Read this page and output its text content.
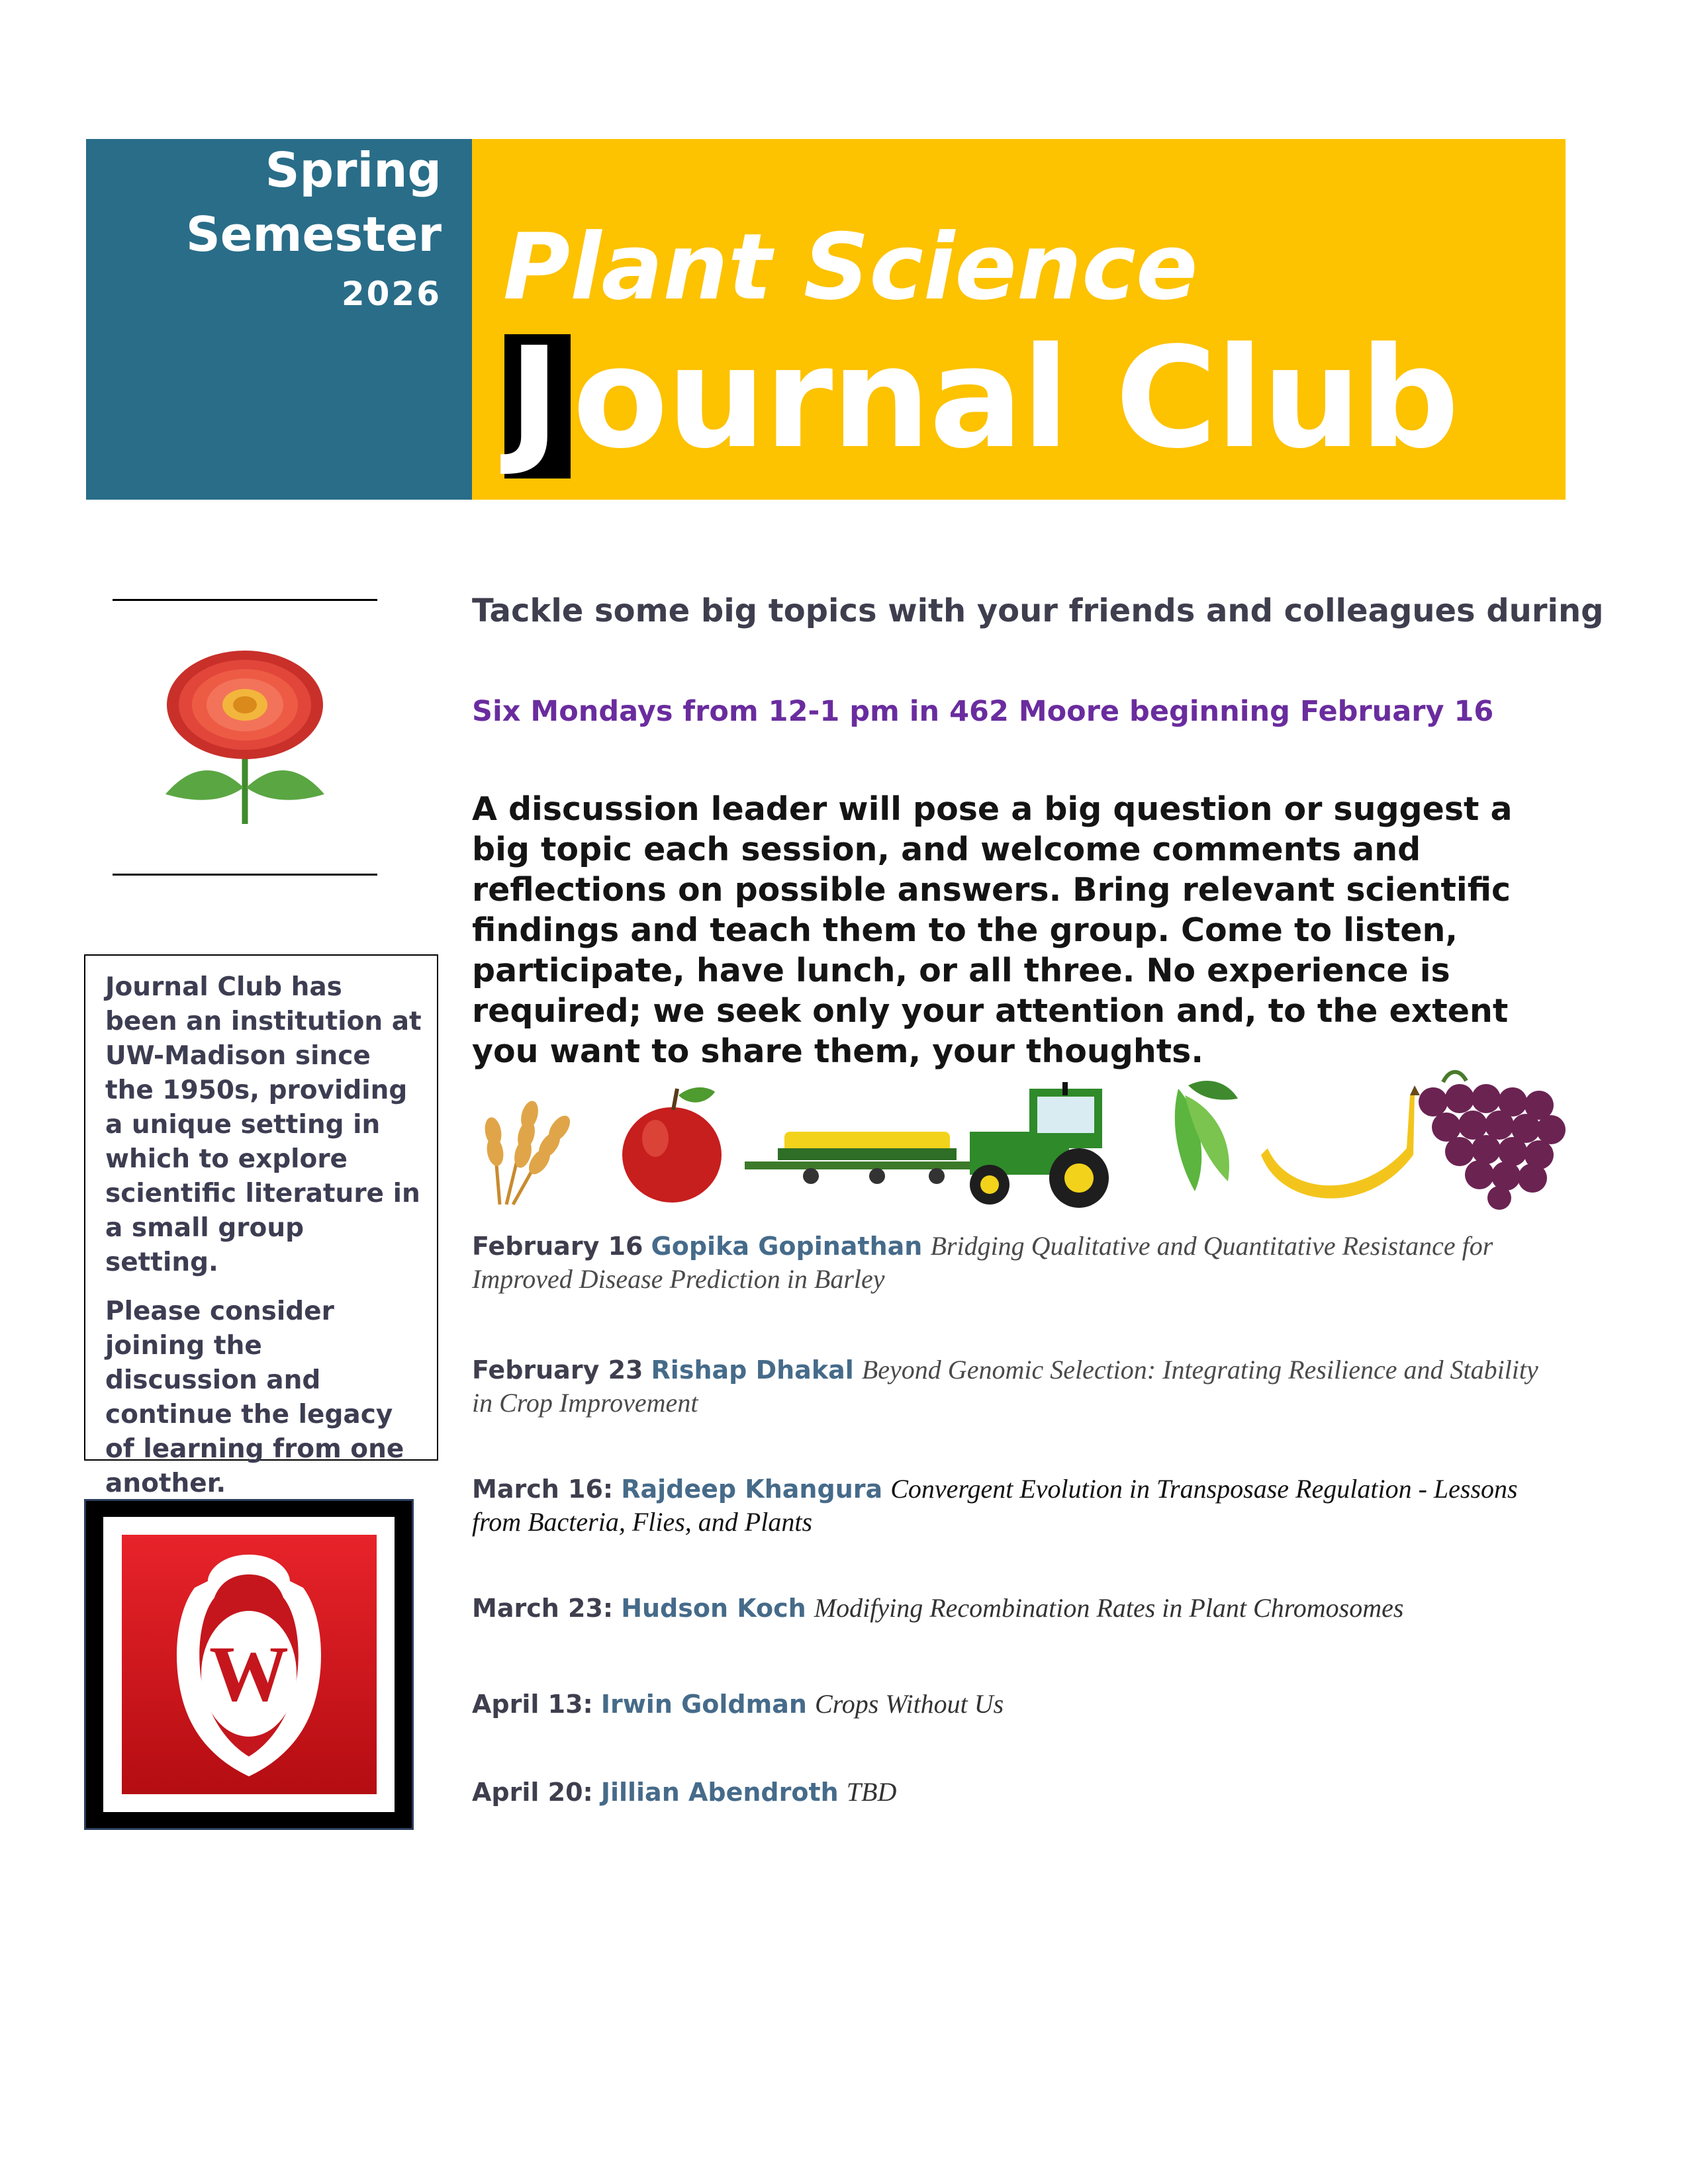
Spring
Semester
2026 Plant Science
J ournal Club

Journal Club has been an institution at UW-Madison since the 1950s, providing a unique setting in which to explore scientific literature in a small group setting.

Please consider joining the discussion and continue the legacy of learning from one another.

W
Tackle some big topics with your friends and colleagues during
Six Mondays from 12-1 pm in 462 Moore beginning February 16
A discussion leader will pose a big question or suggest a big topic each session, and welcome comments and reflections on possible answers. Bring relevant scientific findings and teach them to the group. Come to listen, participate, have lunch, or all three. No experience is required; we seek only your attention and, to the extent you want to share them, your thoughts.
February 16 Gopika Gopinathan Bridging Qualitative and Quantitative Resistance for Improved Disease Prediction in Barley
February 23 Rishap Dhakal Beyond Genomic Selection: Integrating Resilience and Stability in Crop Improvement
March 16: Rajdeep Khangura Convergent Evolution in Transposase Regulation - Lessons from Bacteria, Flies, and Plants
March 23: Hudson Koch Modifying Recombination Rates in Plant Chromosomes
April 13: Irwin Goldman Crops Without Us
April 20: Jillian Abendroth TBD
